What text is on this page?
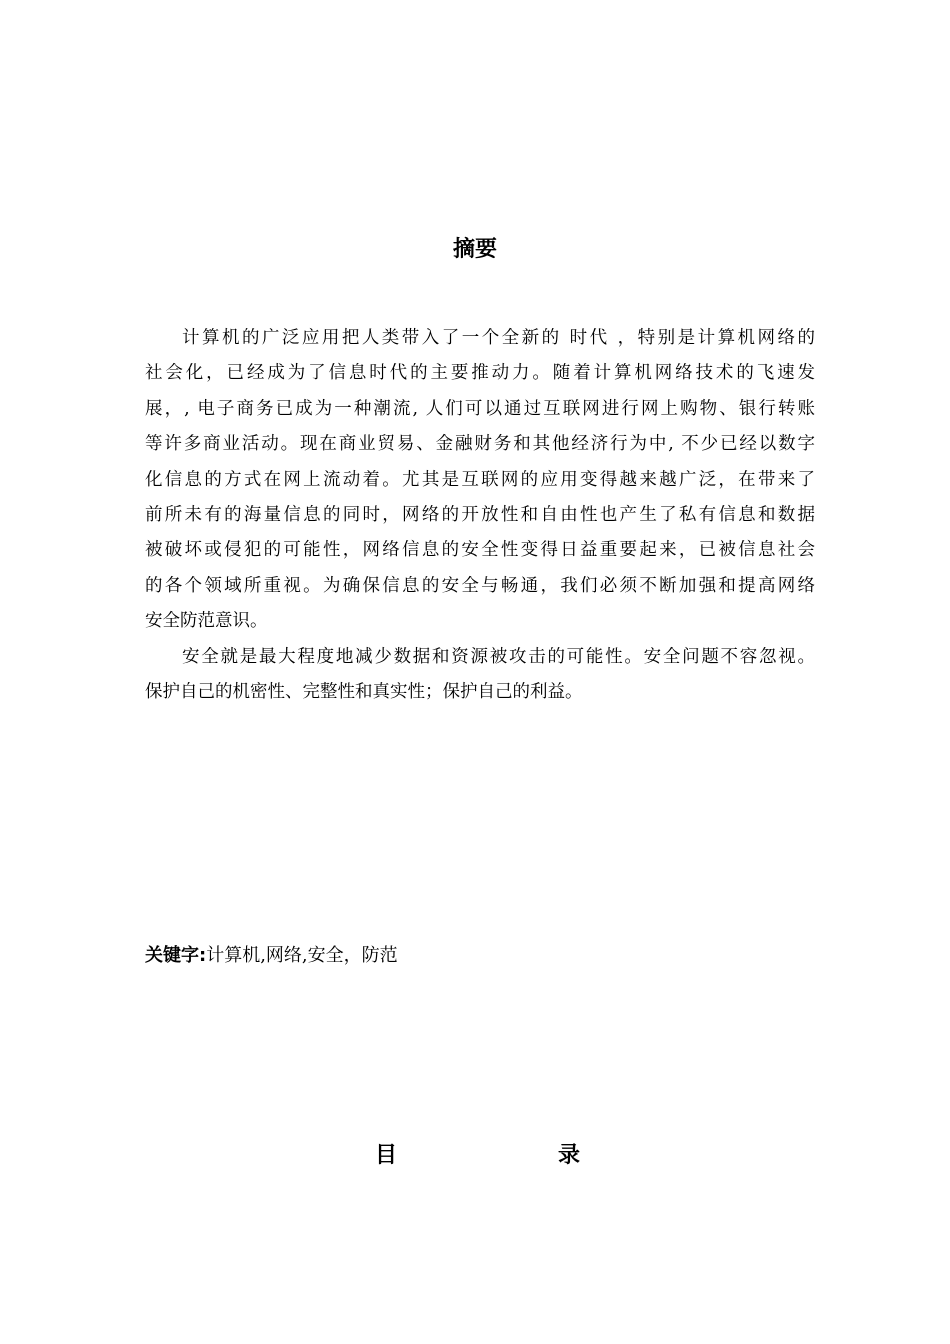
摘要
计算机的广泛应用把人类带入了一个全新的 时代 ，特别是计算机网络的
社会化，已经成为了信息时代的主要推动力。随着计算机网络技术的飞速发
展，, 电子商务已成为一种潮流, 人们可以通过互联网进行网上购物、银行转账
等许多商业活动。现在商业贸易、金融财务和其他经济行为中, 不少已经以数字
化信息的方式在网上流动着。尤其是互联网的应用变得越来越广泛，在带来了
前所未有的海量信息的同时，网络的开放性和自由性也产生了私有信息和数据
被破坏或侵犯的可能性，网络信息的安全性变得日益重要起来，已被信息社会
的各个领域所重视。为确保信息的安全与畅通，我们必须不断加强和提高网络
安全防范意识。
安全就是最大程度地减少数据和资源被攻击的可能性。安全问题不容忽视。
保护自己的机密性、完整性和真实性；保护自己的利益。
关键字:计算机,网络,安全，防范
目	录
